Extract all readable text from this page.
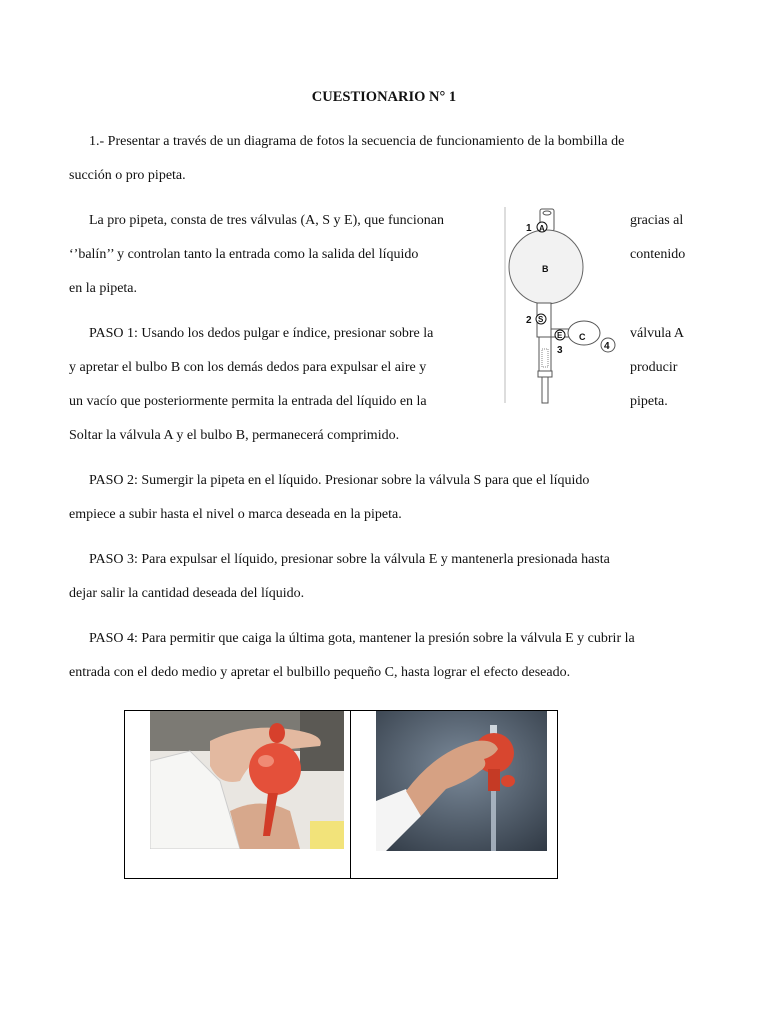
CUESTIONARIO N° 1
1.- Presentar a través de un diagrama de fotos la secuencia de funcionamiento de la bombilla de
succión o pro pipeta.
La pro pipeta, consta de tres válvulas (A, S y E), que funcionan	gracias al
‘’balín’’ y controlan tanto la entrada como la salida del líquido	contenido
en la pipeta.
PASO 1: Usando los dedos pulgar e índice, presionar sobre la	válvula A
y apretar el bulbo B con los demás dedos para expulsar el aire y	producir
un vacío que posteriormente permita la entrada del líquido en la	pipeta.
Soltar la válvula A y el bulbo B, permanecerá comprimido.
PASO 2: Sumergir la pipeta en el líquido. Presionar sobre la válvula S para que el líquido
empiece a subir hasta el nivel o marca deseada en la pipeta.
PASO 3: Para expulsar el líquido, presionar sobre la válvula E y mantenerla presionada hasta
dejar salir la cantidad deseada del líquido.
PASO 4: Para permitir que caiga la última gota, mantener la presión sobre la válvula E y cubrir la
entrada con el dedo medio y apretar el bulbillo pequeño C, hasta lograr el efecto deseado.
1 A
B
2 S
E C
3	4
